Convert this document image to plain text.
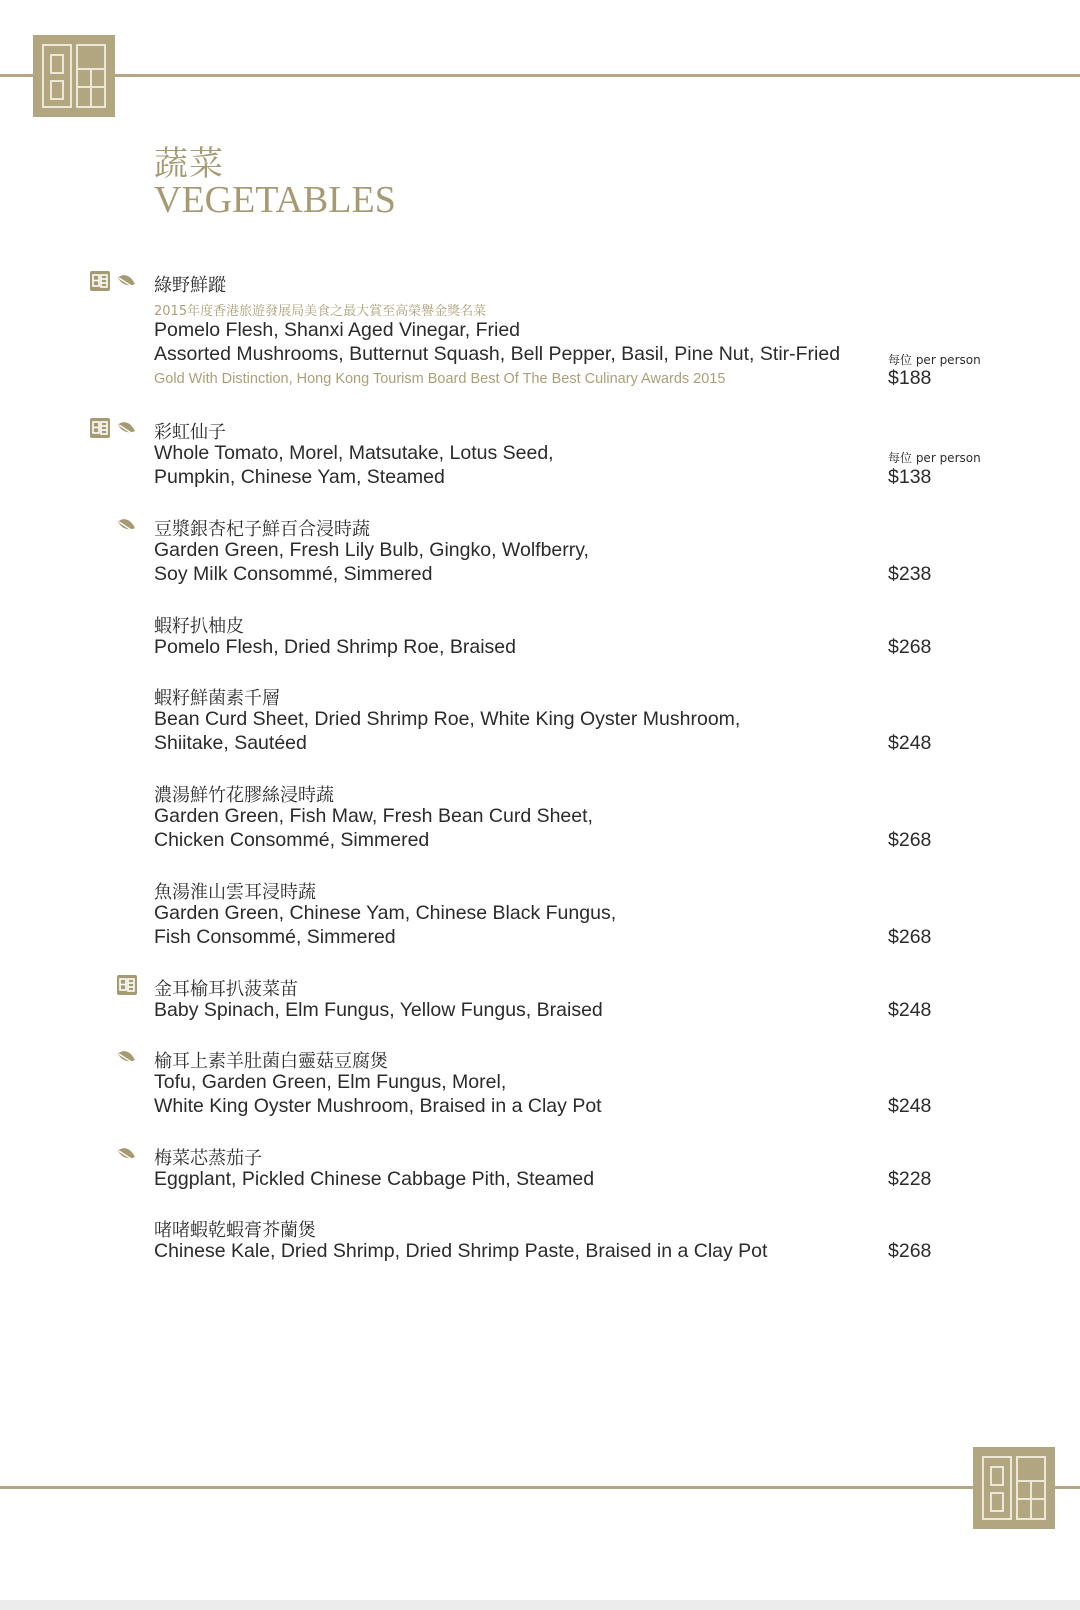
蔬菜
VEGETABLES
綠野鮮蹤
2015年度香港旅遊發展局美食之最大賞至高榮譽金獎名菜
Pomelo Flesh, Shanxi Aged Vinegar, Fried
Assorted Mushrooms, Butternut Squash, Bell Pepper, Basil, Pine Nut, Stir-Fried
Gold With Distinction, Hong Kong Tourism Board Best Of The Best Culinary Awards 2015
每位 per person
$188
彩虹仙子
Whole Tomato, Morel, Matsutake, Lotus Seed,
Pumpkin, Chinese Yam, Steamed
每位 per person
$138
豆漿銀杏杞子鮮百合浸時蔬
Garden Green, Fresh Lily Bulb, Gingko, Wolfberry,
Soy Milk Consommé, Simmered	$238
蝦籽扒柚皮
Pomelo Flesh, Dried Shrimp Roe, Braised	$268
蝦籽鮮菌素千層
Bean Curd Sheet, Dried Shrimp Roe, White King Oyster Mushroom,
Shiitake, Sautéed	$248
濃湯鮮竹花膠絲浸時蔬
Garden Green, Fish Maw, Fresh Bean Curd Sheet,
Chicken Consommé, Simmered	$268
魚湯淮山雲耳浸時蔬
Garden Green, Chinese Yam, Chinese Black Fungus,
Fish Consommé, Simmered	$268
金耳榆耳扒菠菜苗
Baby Spinach, Elm Fungus, Yellow Fungus, Braised	$248
榆耳上素羊肚菌白靈菇豆腐煲
Tofu, Garden Green, Elm Fungus, Morel,
White King Oyster Mushroom, Braised in a Clay Pot	$248
梅菜芯蒸茄子
Eggplant, Pickled Chinese Cabbage Pith, Steamed	$228
啫啫蝦乾蝦膏芥蘭煲
Chinese Kale, Dried Shrimp, Dried Shrimp Paste, Braised in a Clay Pot	$268
